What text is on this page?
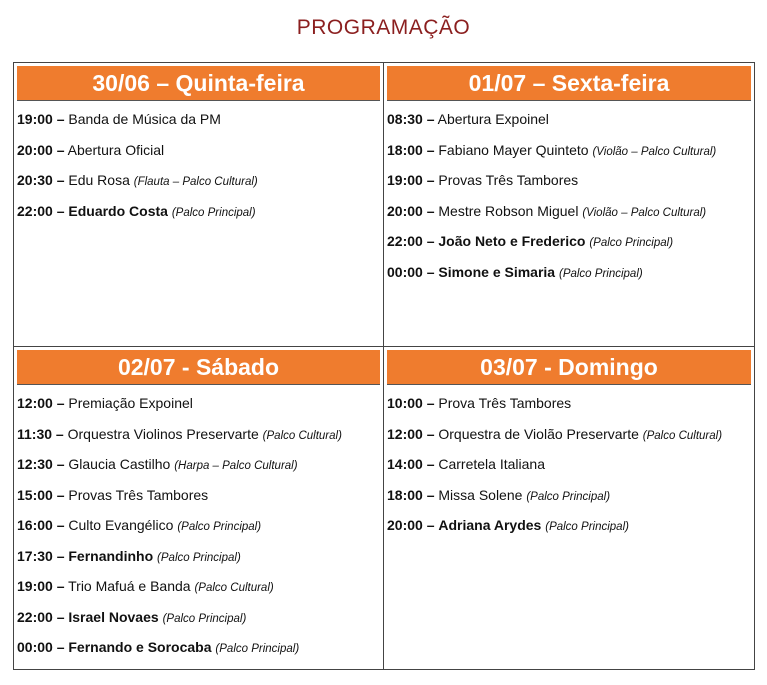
PROGRAMAÇÃO
30/06 – Quinta-feira
19:00 – Banda de Música da PM
20:00 – Abertura Oficial
20:30 – Edu Rosa (Flauta – Palco Cultural)
22:00 – Eduardo Costa (Palco Principal)
01/07 – Sexta-feira
08:30 – Abertura Expoinel
18:00 – Fabiano Mayer Quinteto (Violão – Palco Cultural)
19:00 – Provas Três Tambores
20:00 – Mestre Robson Miguel (Violão – Palco Cultural)
22:00 – João Neto e Frederico (Palco Principal)
00:00 – Simone e Simaria (Palco Principal)
02/07 - Sábado
12:00 – Premiação Expoinel
11:30 – Orquestra Violinos Preservarte (Palco Cultural)
12:30 – Glaucia Castilho (Harpa – Palco Cultural)
15:00 – Provas Três Tambores
16:00 – Culto Evangélico (Palco Principal)
17:30 – Fernandinho (Palco Principal)
19:00 – Trio Mafuá e Banda (Palco Cultural)
22:00 – Israel Novaes (Palco Principal)
00:00 – Fernando e Sorocaba (Palco Principal)
03/07 - Domingo
10:00 – Prova Três Tambores
12:00 – Orquestra de Violão Preservarte (Palco Cultural)
14:00 – Carretela Italiana
18:00 – Missa Solene (Palco Principal)
20:00 – Adriana Arydes (Palco Principal)
